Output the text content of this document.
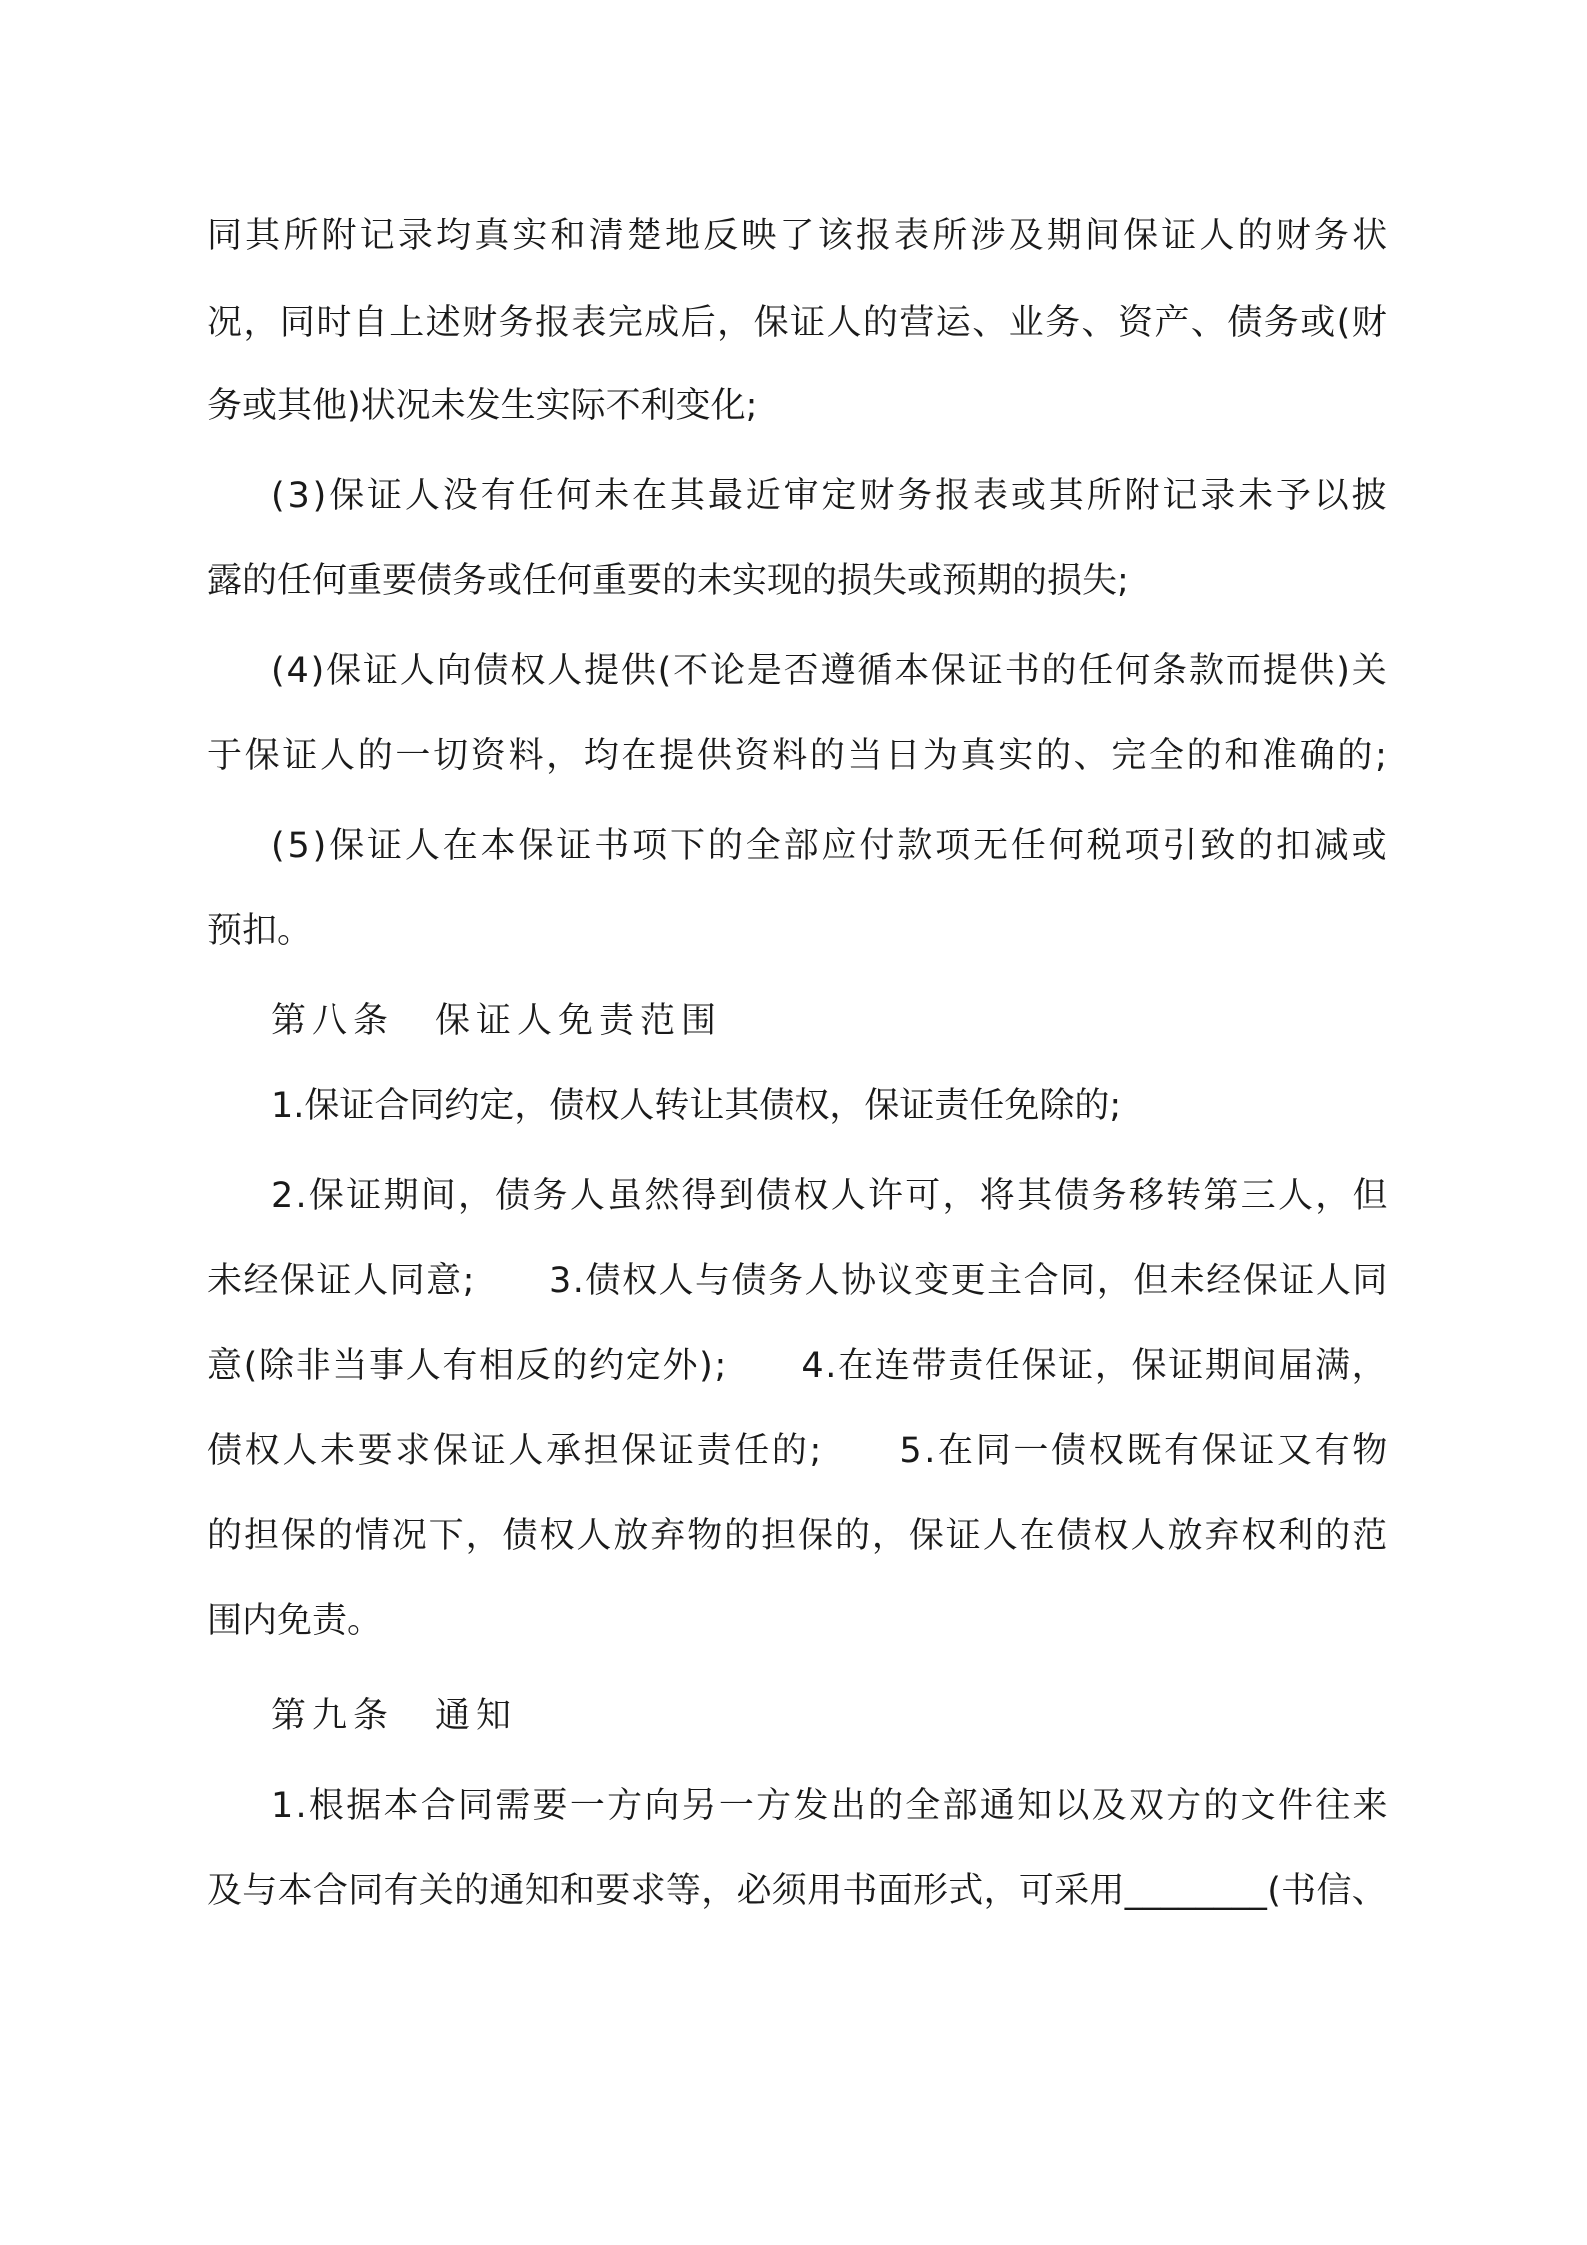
同其所附记录均真实和清楚地反映了该报表所涉及期间保证人的财务状

况，同时自上述财务报表完成后，保证人的营运、业务、资产、债务或(财

务或其他)状况未发生实际不利变化;

(3)保证人没有任何未在其最近审定财务报表或其所附记录未予以披

露的任何重要债务或任何重要的未实现的损失或预期的损失;

(4)保证人向债权人提供(不论是否遵循本保证书的任何条款而提供)关

于保证人的一切资料，均在提供资料的当日为真实的、完全的和准确的;

(5)保证人在本保证书项下的全部应付款项无任何税项引致的扣减或

预扣。

第八条　保证人免责范围

1.保证合同约定，债权人转让其债权，保证责任免除的;

2.保证期间，债务人虽然得到债权人许可，将其债务移转第三人，但

未经保证人同意;　　3.债权人与债务人协议变更主合同，但未经保证人同

意(除非当事人有相反的约定外);　　4.在连带责任保证，保证期间届满，

债权人未要求保证人承担保证责任的;　　5.在同一债权既有保证又有物

的担保的情况下，债权人放弃物的担保的，保证人在债权人放弃权利的范

围内免责。

第九条　通知

1.根据本合同需要一方向另一方发出的全部通知以及双方的文件往来

及与本合同有关的通知和要求等，必须用书面形式，可采用________(书信、
